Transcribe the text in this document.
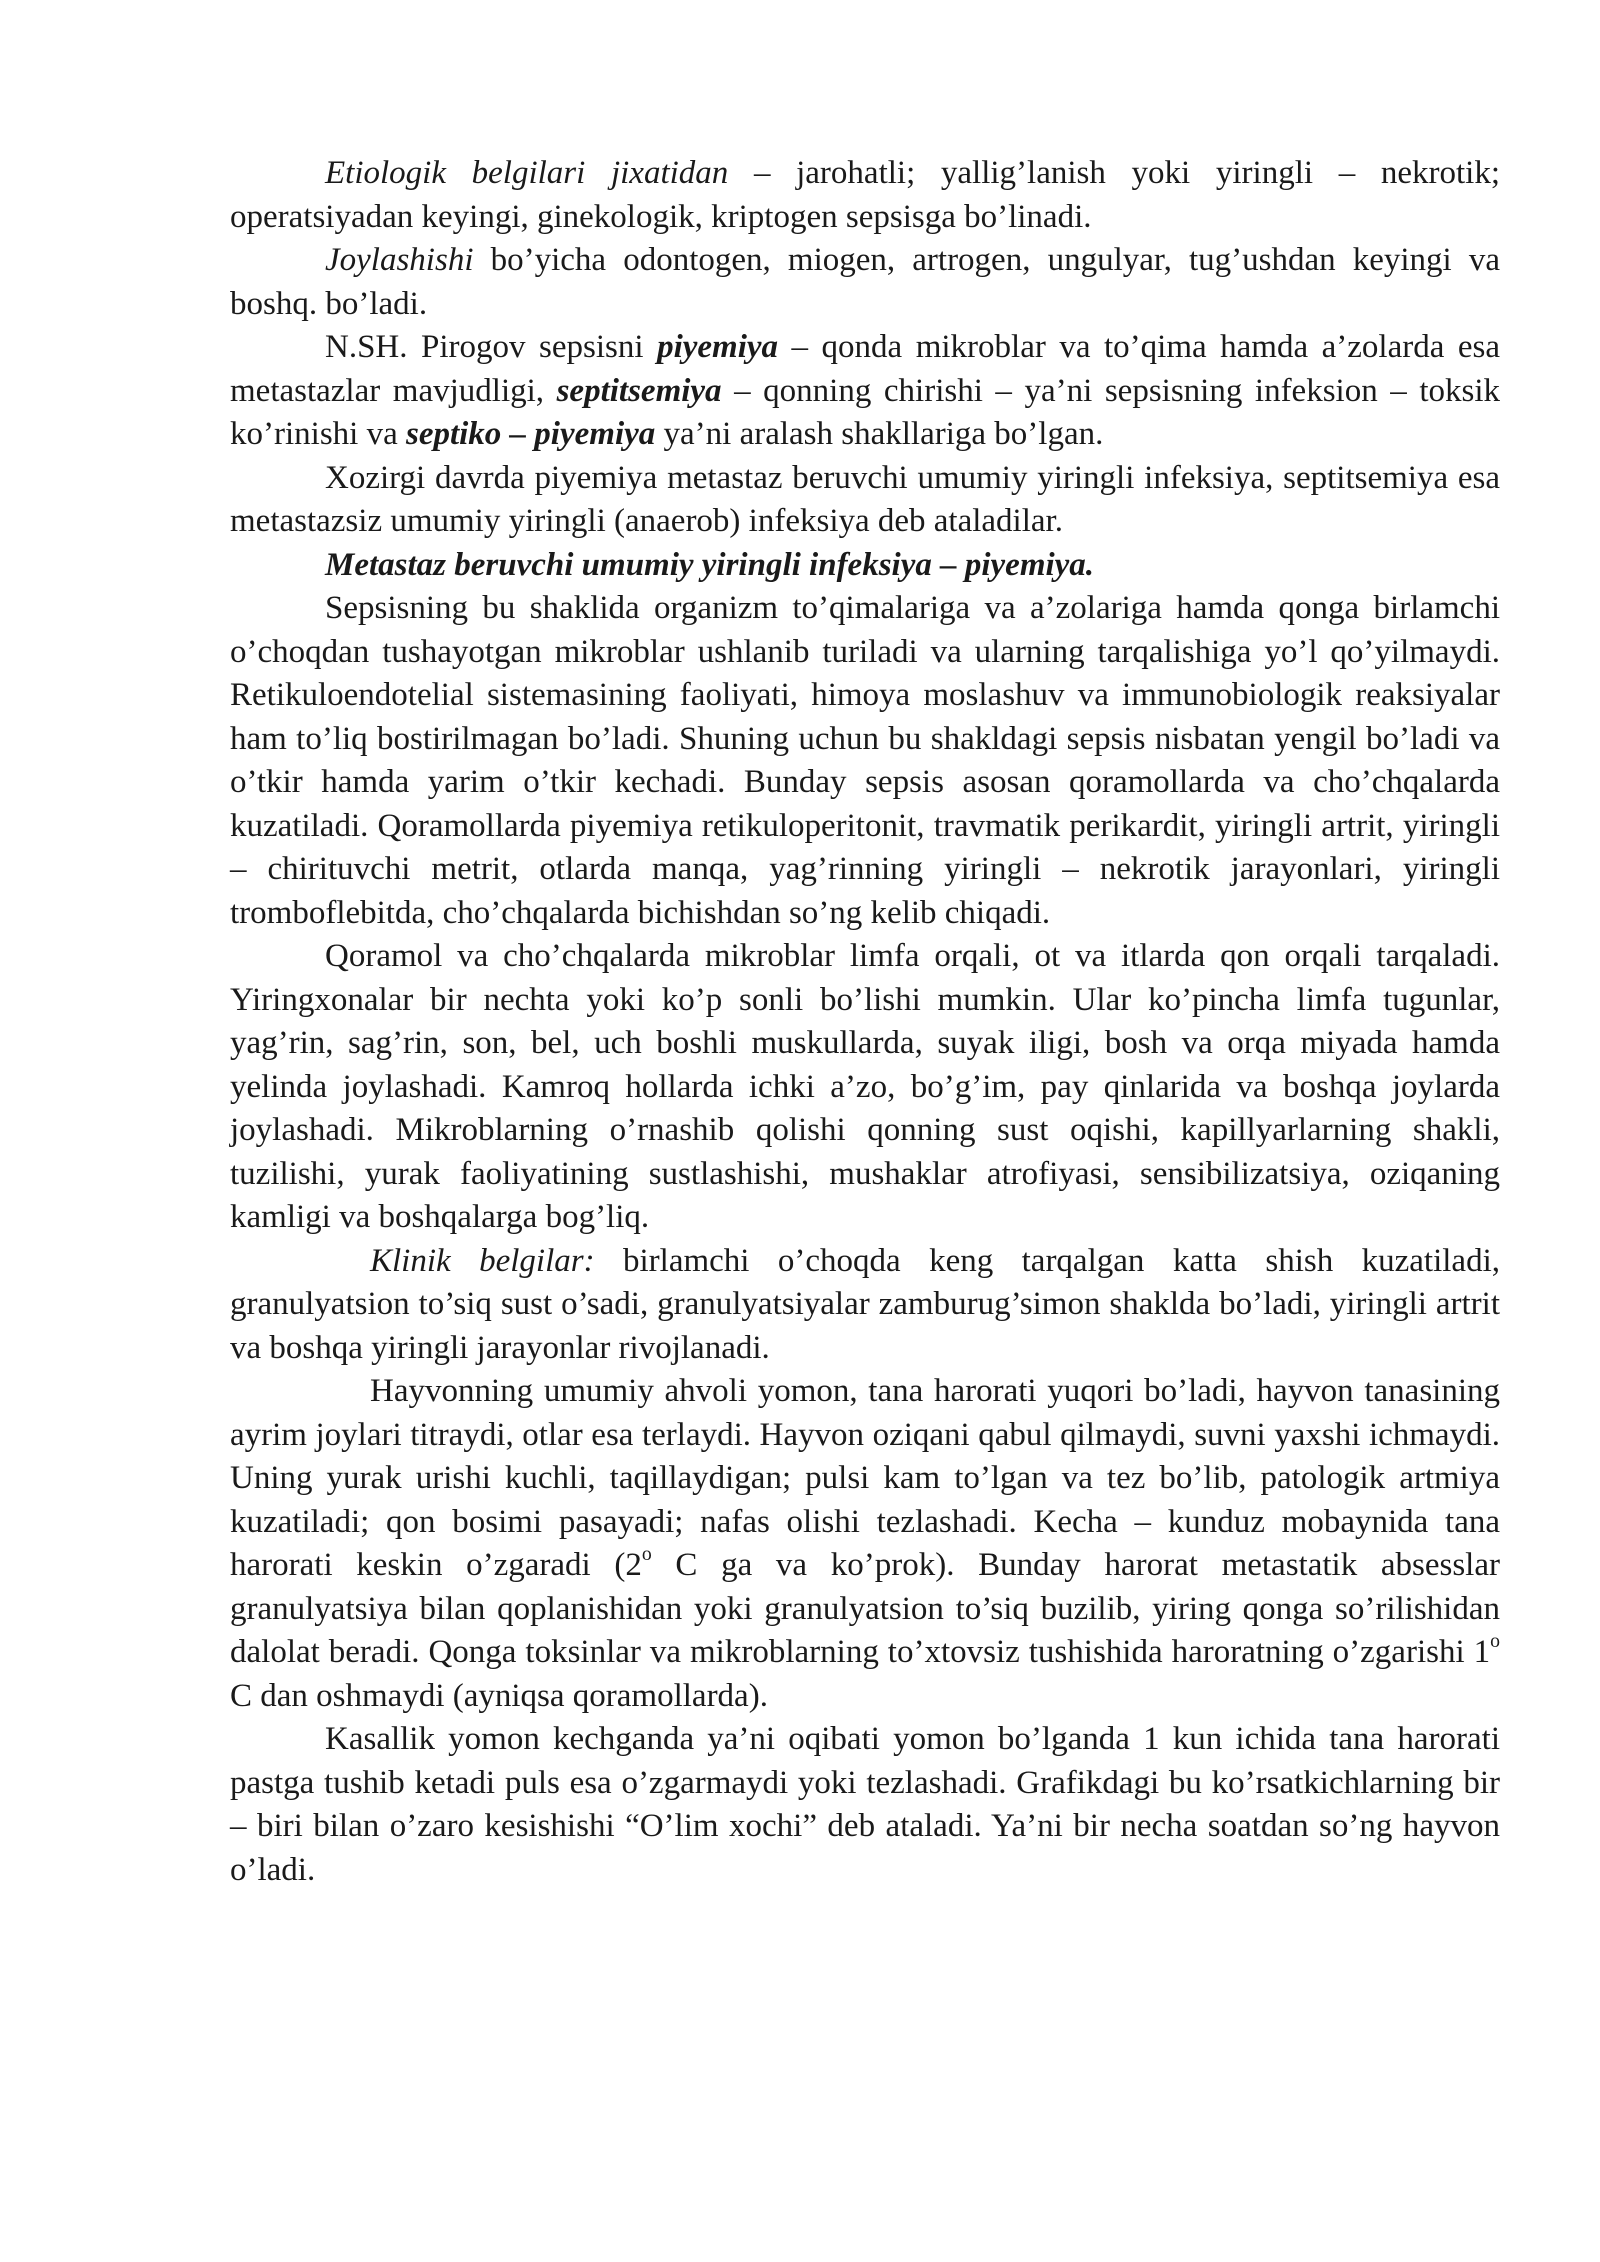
Etiologik belgilari jixatidan – jarohatli; yallig’lanish yoki yiringli – nekrotik; operatsiyadan keyingi, ginekologik, kriptogen sepsisga bo’linadi.

Joylashishi bo’yicha odontogen, miogen, artrogen, ungulyar, tug’ushdan keyingi va boshq. bo’ladi.

N.SH. Pirogov sepsisni piyemiya – qonda mikroblar va to’qima hamda a’zolarda esa metastazlar mavjudligi, septitsemiya – qonning chirishi – ya’ni sepsisning infeksion – toksik ko’rinishi va septiko – piyemiya ya’ni aralash shakllariga bo’lgan.

Xozirgi davrda piyemiya metastaz beruvchi umumiy yiringli infeksiya, septitsemiya esa metastazsiz umumiy yiringli (anaerob) infeksiya deb ataladilar.

Metastaz beruvchi umumiy yiringli infeksiya – piyemiya.

Sepsisning bu shaklida organizm to’qimalariga va a’zolariga hamda qonga birlamchi o’choqdan tushayotgan mikroblar ushlanib turiladi va ularning tarqalishiga yo’l qo’yilmaydi. Retikuloendotelial sistemasining faoliyati, himoya moslashuv va immunobiologik reaksiyalar ham to’liq bostirilmagan bo’ladi. Shuning uchun bu shakldagi sepsis nisbatan yengil bo’ladi va o’tkir hamda yarim o’tkir kechadi. Bunday sepsis asosan qoramollarda va cho’chqalarda kuzatiladi. Qoramollarda piyemiya retikuloperitonit, travmatik perikardit, yiringli artrit, yiringli – chirituvchi metrit, otlarda manqa, yag’rinning yiringli – nekrotik jarayonlari, yiringli tromboflebitda, cho’chqalarda bichishdan so’ng kelib chiqadi.

Qoramol va cho’chqalarda mikroblar limfa orqali, ot va itlarda qon orqali tarqaladi. Yiringxonalar bir nechta yoki ko’p sonli bo’lishi mumkin. Ular ko’pincha limfa tugunlar, yag’rin, sag’rin, son, bel, uch boshli muskullarda, suyak iligi, bosh va orqa miyada hamda yelinda joylashadi. Kamroq hollarda ichki a’zo, bo’g’im, pay qinlarida va boshqa joylarda joylashadi. Mikroblarning o’rnashib qolishi qonning sust oqishi, kapillyarlarning shakli, tuzilishi, yurak faoliyatining sustlashishi, mushaklar atrofiyasi, sensibilizatsiya, oziqaning kamligi va boshqalarga bog’liq.

Klinik belgilar: birlamchi o’choqda keng tarqalgan katta shish kuzatiladi, granulyatsion to’siq sust o’sadi, granulyatsiyalar zamburug’simon shaklda bo’ladi, yiringli artrit va boshqa yiringli jarayonlar rivojlanadi.

Hayvonning umumiy ahvoli yomon, tana harorati yuqori bo’ladi, hayvon tanasining ayrim joylari titraydi, otlar esa terlaydi. Hayvon oziqani qabul qilmaydi, suvni yaxshi ichmaydi. Uning yurak urishi kuchli, taqillaydigan; pulsi kam to’lgan va tez bo’lib, patologik artmiya kuzatiladi; qon bosimi pasayadi; nafas olishi tezlashadi. Kecha – kunduz mobaynida tana harorati keskin o’zgaradi (2$^o$ C ga va ko’prok). Bunday harorat metastatik absesslar granulyatsiya bilan qoplanishidan yoki granulyatsion to’siq buzilib, yiring qonga so’rilishidan dalolat beradi. Qonga toksinlar va mikroblarning to’xtovsiz tushishida haroratning o’zgarishi 1$^o$ C dan oshmaydi (ayniqsa qoramollarda).

Kasallik yomon kechganda ya’ni oqibati yomon bo’lganda 1 kun ichida tana harorati pastga tushib ketadi puls esa o’zgarmaydi yoki tezlashadi. Grafikdagi bu ko’rsatkichlarning bir – biri bilan o’zaro kesishishi “O’lim xochi” deb ataladi. Ya’ni bir necha soatdan so’ng hayvon o’ladi.
